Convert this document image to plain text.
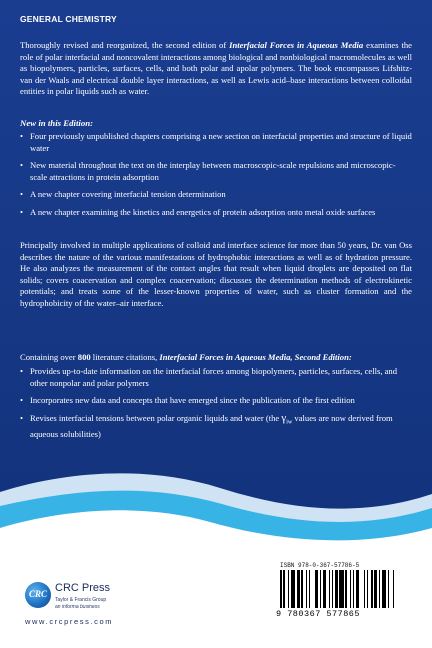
GENERAL CHEMISTRY
Thoroughly revised and reorganized, the second edition of Interfacial Forces in Aqueous Media examines the role of polar interfacial and noncovalent interactions among biological and nonbiological macromolecules as well as biopolymers, particles, surfaces, cells, and both polar and apolar polymers. The book encompasses Lifshitz-van der Waals and electrical double layer interactions, as well as Lewis acid–base interactions between colloidal entities in polar liquids such as water.
New in this Edition:
• Four previously unpublished chapters comprising a new section on interfacial properties and structure of liquid water
• New material throughout the text on the interplay between macroscopic-scale repulsions and microscopic-scale attractions in protein adsorption
• A new chapter covering interfacial tension determination
• A new chapter examining the kinetics and energetics of protein adsorption onto metal oxide surfaces
Principally involved in multiple applications of colloid and interface science for more than 50 years, Dr. van Oss describes the nature of the various manifestations of hydrophobic interactions as well as of hydration pressure. He also analyzes the measurement of the contact angles that result when liquid droplets are deposited on flat solids; covers coacervation and complex coacervation; discusses the determination methods of electrokinetic potentials; and treats some of the lesser-known properties of water, such as cluster formation and the hydrophobicity of the water–air interface.
Containing over 800 literature citations, Interfacial Forces in Aqueous Media, Second Edition:
• Provides up-to-date information on the interfacial forces among biopolymers, particles, surfaces, cells, and other nonpolar and polar polymers
• Incorporates new data and concepts that have emerged since the publication of the first edition
• Revises interfacial tensions between polar organic liquids and water (the $\gamma_{iw}$ values are now derived from aqueous solubilities)
CRC CRC Press
Taylor & Francis Group
an informa business
www.crcpress.com
ISBN 978-0-367-57786-5
9 780367 577865
